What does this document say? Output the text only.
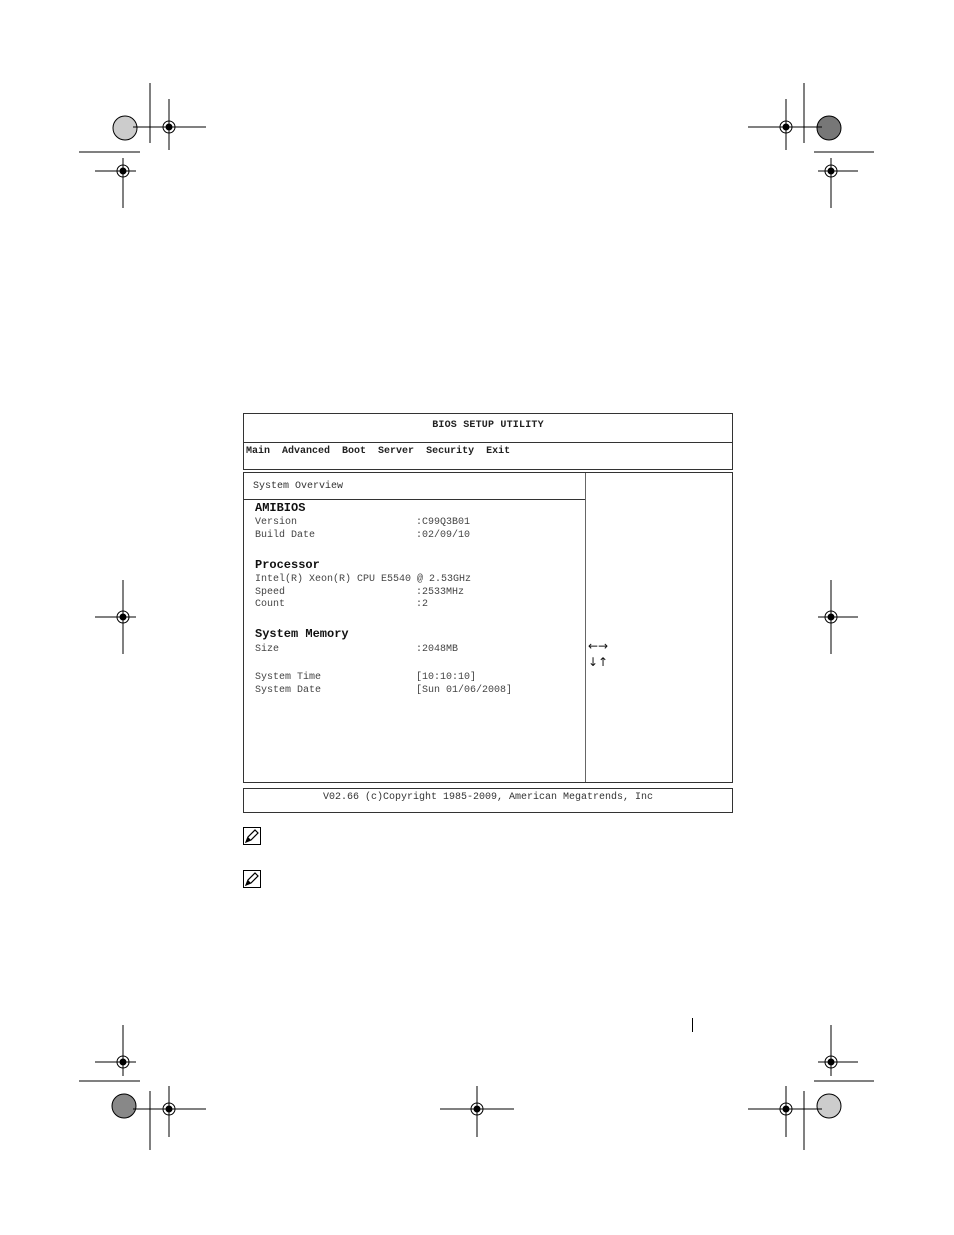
BIOS SETUP UTILITY
Main Advanced Boot Server Security Exit
System Overview
AMIBIOS
Version	:C99Q3B01
Build Date	:02/09/10
Processor
Intel(R) Xeon(R) CPU E5540 @ 2.53GHz
Speed	:2533MHz
Count	:2
System Memory
Size	:2048MB
System Time	[10:10:10]
System Date	[Sun 01/06/2008]
←→
↓↑
V02.66 (c)Copyright 1985-2009, American Megatrends, Inc
